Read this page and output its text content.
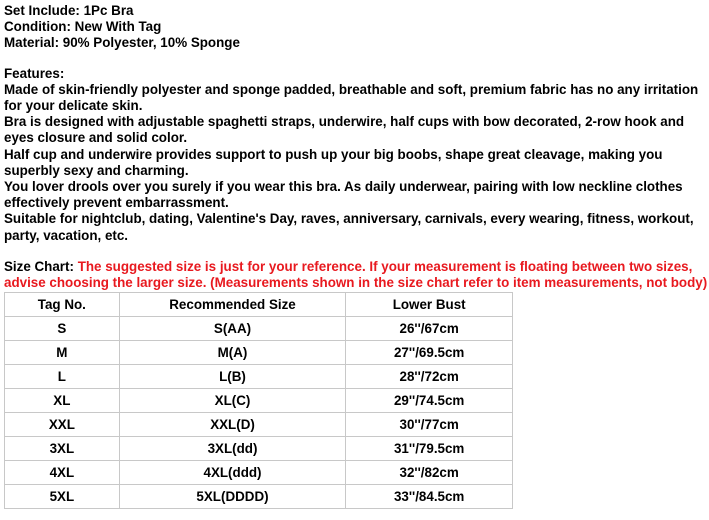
Set Include: 1Pc Bra
Condition: New With Tag
Material: 90% Polyester, 10% Sponge
Features:
Made of skin-friendly polyester and sponge padded, breathable and soft, premium fabric has no any irritation for your delicate skin.
Bra is designed with adjustable spaghetti straps, underwire, half cups with bow decorated, 2-row hook and eyes closure and solid color.
Half cup and underwire provides support to push up your big boobs, shape great cleavage, making you superbly sexy and charming.
You lover drools over you surely if you wear this bra. As daily underwear, pairing with low neckline clothes effectively prevent embarrassment.
Suitable for nightclub, dating, Valentine's Day, raves, anniversary, carnivals, every wearing, fitness, workout, party, vacation, etc.
Size Chart: The suggested size is just for your reference. If your measurement is floating between two sizes, advise choosing the larger size. (Measurements shown in the size chart refer to item measurements, not body)
Tag No.	Recommended Size	Lower Bust
S	S(AA)	26''/67cm
M	M(A)	27''/69.5cm
L	L(B)	28''/72cm
XL	XL(C)	29''/74.5cm
XXL	XXL(D)	30''/77cm
3XL	3XL(dd)	31''/79.5cm
4XL	4XL(ddd)	32''/82cm
5XL	5XL(DDDD)	33''/84.5cm
